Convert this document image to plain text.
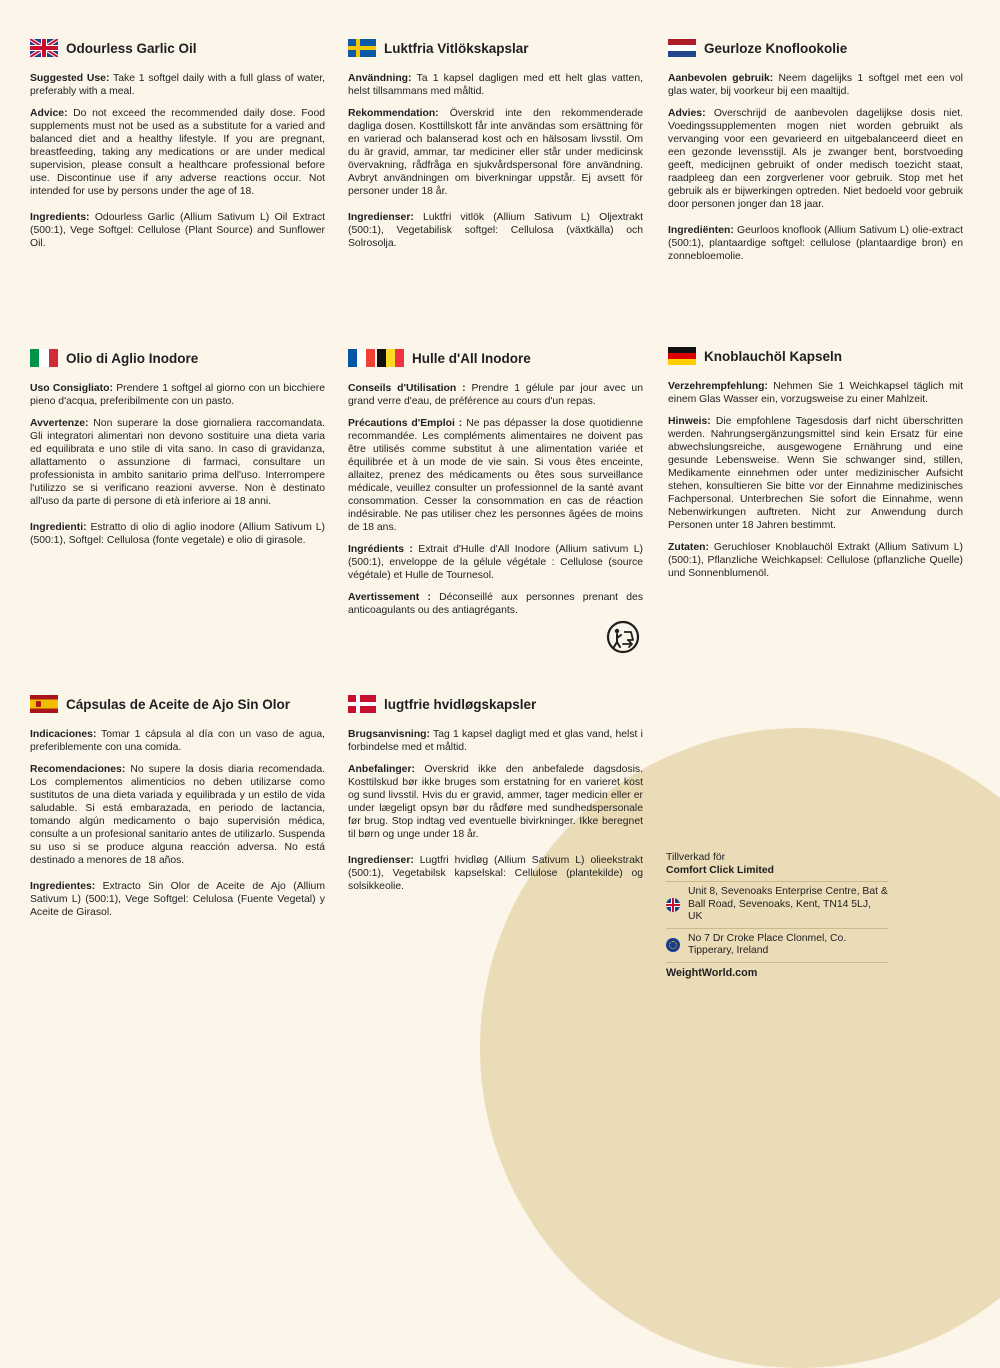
Odourless Garlic Oil

Suggested Use: Take 1 softgel daily with a full glass of water, preferably with a meal.

Advice: Do not exceed the recommended daily dose. Food supplements must not be used as a substitute for a varied and balanced diet and a healthy lifestyle. If you are pregnant, breastfeeding, taking any medications or are under medical supervision, please consult a healthcare professional before use. Discontinue use if any adverse reactions occur. Not intended for use by persons under the age of 18.

Ingredients: Odourless Garlic (Allium Sativum L) Oil Extract (500:1), Vege Softgel: Cellulose (Plant Source) and Sunflower Oil.

Luktfria Vitlökskapslar

Användning: Ta 1 kapsel dagligen med ett helt glas vatten, helst tillsammans med måltid.

Rekommendation: Överskrid inte den rekommenderade dagliga dosen. Kosttillskott får inte användas som ersättning för en varierad och balanserad kost och en hälsosam livsstil. Om du är gravid, ammar, tar mediciner eller står under medicinsk övervakning, rådfråga en sjukvårdspersonal före användning. Avbryt användningen om biverkningar uppstår. Ej avsett för personer under 18 år.

Ingredienser: Luktfri vitlök (Allium Sativum L) Oljextrakt (500:1), Vegetabilisk softgel: Cellulosa (växtkälla) och Solrosolja.

Geurloze Knoflookolie

Aanbevolen gebruik: Neem dagelijks 1 softgel met een vol glas water, bij voorkeur bij een maaltijd.

Advies: Overschrijd de aanbevolen dagelijkse dosis niet. Voedingssupplementen mogen niet worden gebruikt als vervanging voor een gevarieerd en uitgebalanceerd dieet en een gezonde levensstijl. Als je zwanger bent, borstvoeding geeft, medicijnen gebruikt of onder medisch toezicht staat, raadpleeg dan een zorgverlener voor gebruik. Stop met het gebruik als er bijwerkingen optreden. Niet bedoeld voor gebruik door personen jonger dan 18 jaar.

Ingrediënten: Geurloos knoflook (Allium Sativum L) olie-extract (500:1), plantaardige softgel: cellulose (plantaardige bron) en zonnebloemolie.

Olio di Aglio Inodore

Uso Consigliato: Prendere 1 softgel al giorno con un bicchiere pieno d'acqua, preferibilmente con un pasto.

Avvertenze: Non superare la dose giornaliera raccomandata. Gli integratori alimentari non devono sostituire una dieta varia ed equilibrata e uno stile di vita sano. In caso di gravidanza, allattamento o assunzione di farmaci, consultare un professionista in ambito sanitario prima dell'uso. Interrompere l'utilizzo se si verificano reazioni avverse. Non è destinato all'uso da parte di persone di età inferiore ai 18 anni.

Ingredienti: Estratto di olio di aglio inodore (Allium Sativum L) (500:1), Softgel: Cellulosa (fonte vegetale) e olio di girasole.

Hulle d'All Inodore

Conseils d'Utilisation : Prendre 1 gélule par jour avec un grand verre d'eau, de préférence au cours d'un repas.

Précautions d'Emploi : Ne pas dépasser la dose quotidienne recommandée. Les compléments alimentaires ne doivent pas être utilisés comme substitut à une alimentation variée et équilibrée et à un mode de vie sain. Si vous êtes enceinte, allaitez, prenez des médicaments ou êtes sous surveillance médicale, veuillez consulter un professionnel de la santé avant consommation. Cesser la consommation en cas de réaction indésirable. Ne pas utiliser chez les personnes âgées de moins de 18 ans.

Ingrédients : Extrait d'Hulle d'All Inodore (Allium sativum L) (500:1), enveloppe de la gélule végétale : Cellulose (source végétale) et Hulle de Tournesol.

Avertissement : Déconseillé aux personnes prenant des anticoagulants ou des antiagrégants.

Knoblauchöl Kapseln

Verzehrempfehlung: Nehmen Sie 1 Weichkapsel täglich mit einem Glas Wasser ein, vorzugsweise zu einer Mahlzeit.

Hinweis: Die empfohlene Tagesdosis darf nicht überschritten werden. Nahrungsergänzungsmittel sind kein Ersatz für eine abwechslungsreiche, ausgewogene Ernährung und eine gesunde Lebensweise. Wenn Sie schwanger sind, stillen, Medikamente einnehmen oder unter medizinischer Aufsicht stehen, konsultieren Sie bitte vor der Einnahme medizinisches Fachpersonal. Unterbrechen Sie sofort die Einnahme, wenn Nebenwirkungen auftreten. Nicht zur Anwendung durch Personen unter 18 Jahren bestimmt.

Zutaten: Geruchloser Knoblauchöl Extrakt (Allium Sativum L) (500:1), Pflanzliche Weichkapsel: Cellulose (pflanzliche Quelle) und Sonnenblumenöl.

Cápsulas de Aceite de Ajo Sin Olor

Indicaciones: Tomar 1 cápsula al día con un vaso de agua, preferiblemente con una comida.

Recomendaciones: No supere la dosis diaria recomendada. Los complementos alimenticios no deben utilizarse como sustitutos de una dieta variada y equilibrada y un estilo de vida saludable. Si está embarazada, en periodo de lactancia, tomando algún medicamento o bajo supervisión médica, consulte a un profesional sanitario antes de utilizarlo. Suspenda su uso si se produce alguna reacción adversa. No está destinado a menores de 18 años.

Ingredientes: Extracto Sin Olor de Aceite de Ajo (Allium Sativum L) (500:1), Vege Softgel: Celulosa (Fuente Vegetal) y Aceite de Girasol.

lugtfrie hvidløgskapsler

Brugsanvisning: Tag 1 kapsel dagligt med et glas vand, helst i forbindelse med et måltid.

Anbefalinger: Overskrid ikke den anbefalede dagsdosis. Kosttilskud bør ikke bruges som erstatning for en varieret kost og sund livsstil. Hvis du er gravid, ammer, tager medicin eller er under lægeligt opsyn bør du rådføre med sundhedspersonale før brug. Stop indtag ved eventuelle bivirkninger. Ikke beregnet til børn og unge under 18 år.

Ingredienser: Lugtfri hvidløg (Allium Sativum L) olieekstrakt (500:1), Vegetabilsk kapselskal: Cellulose (plantekilde) og solsikkeolie.

Tillverkad för
Comfort Click Limited
Unit 8, Sevenoaks Enterprise Centre, Bat & Ball Road, Sevenoaks, Kent, TN14 5LJ, UK
No 7 Dr Croke Place Clonmel, Co. Tipperary, Ireland
WeightWorld.com
